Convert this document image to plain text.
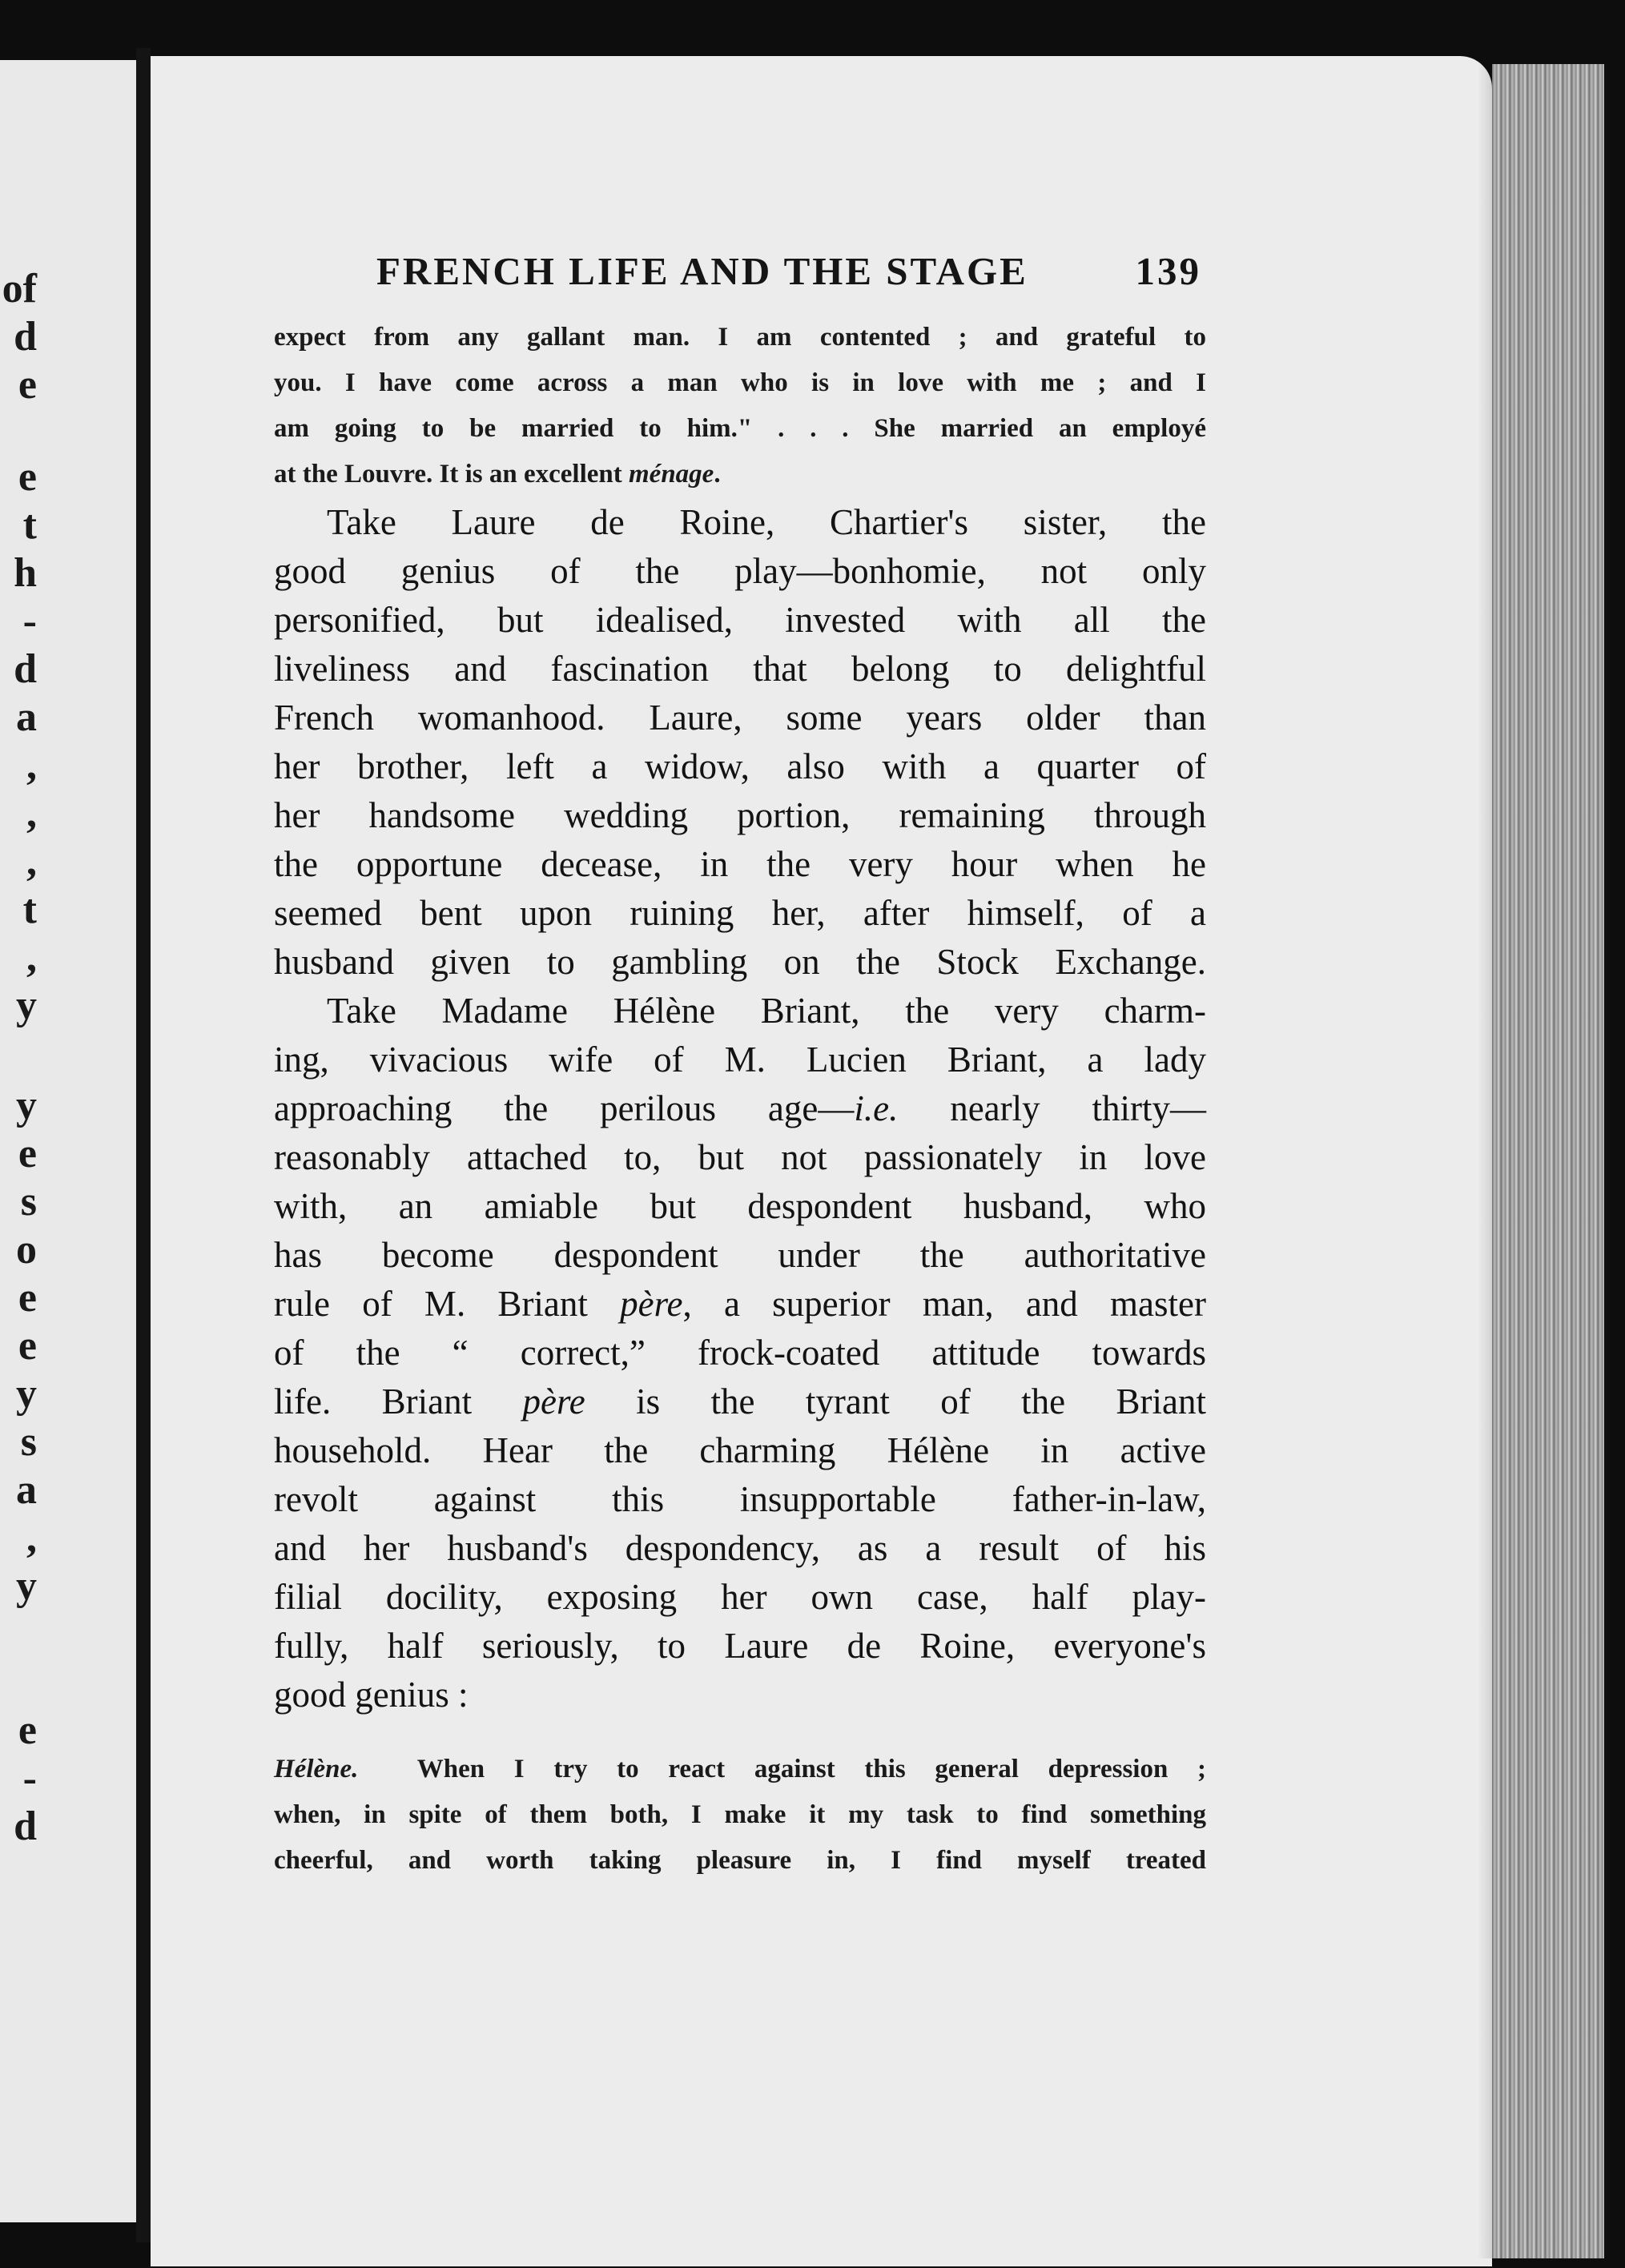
of
d
e
e
t
h
-
d
a
,
,
,
t
,
y
y
e
s
o
e
e
y
s
a
,
y
e
-
d
FRENCH LIFE AND THE STAGE	139
expect from any gallant man. I am contented ; and grateful to
you. I have come across a man who is in love with me ; and I
am going to be married to him." . . . She married an employé
at the Louvre. It is an excellent ménage.
Take Laure de Roine, Chartier's sister, the
good genius of the play—bonhomie, not only
personified, but idealised, invested with all the
liveliness and fascination that belong to delightful
French womanhood. Laure, some years older than
her brother, left a widow, also with a quarter of
her handsome wedding portion, remaining through
the opportune decease, in the very hour when he
seemed bent upon ruining her, after himself, of a
husband given to gambling on the Stock Exchange.
Take Madame Hélène Briant, the very charm-
ing, vivacious wife of M. Lucien Briant, a lady
approaching the perilous age—i.e. nearly thirty—
reasonably attached to, but not passionately in love
with, an amiable but despondent husband, who
has become despondent under the authoritative
rule of M. Briant père, a superior man, and master
of the “ correct,” frock-coated attitude towards
life. Briant père is the tyrant of the Briant
household. Hear the charming Hélène in active
revolt against this insupportable father-in-law,
and her husband's despondency, as a result of his
filial docility, exposing her own case, half play-
fully, half seriously, to Laure de Roine, everyone's
good genius :
Hélène. When I try to react against this general depression ;
when, in spite of them both, I make it my task to find something
cheerful, and worth taking pleasure in, I find myself treated
